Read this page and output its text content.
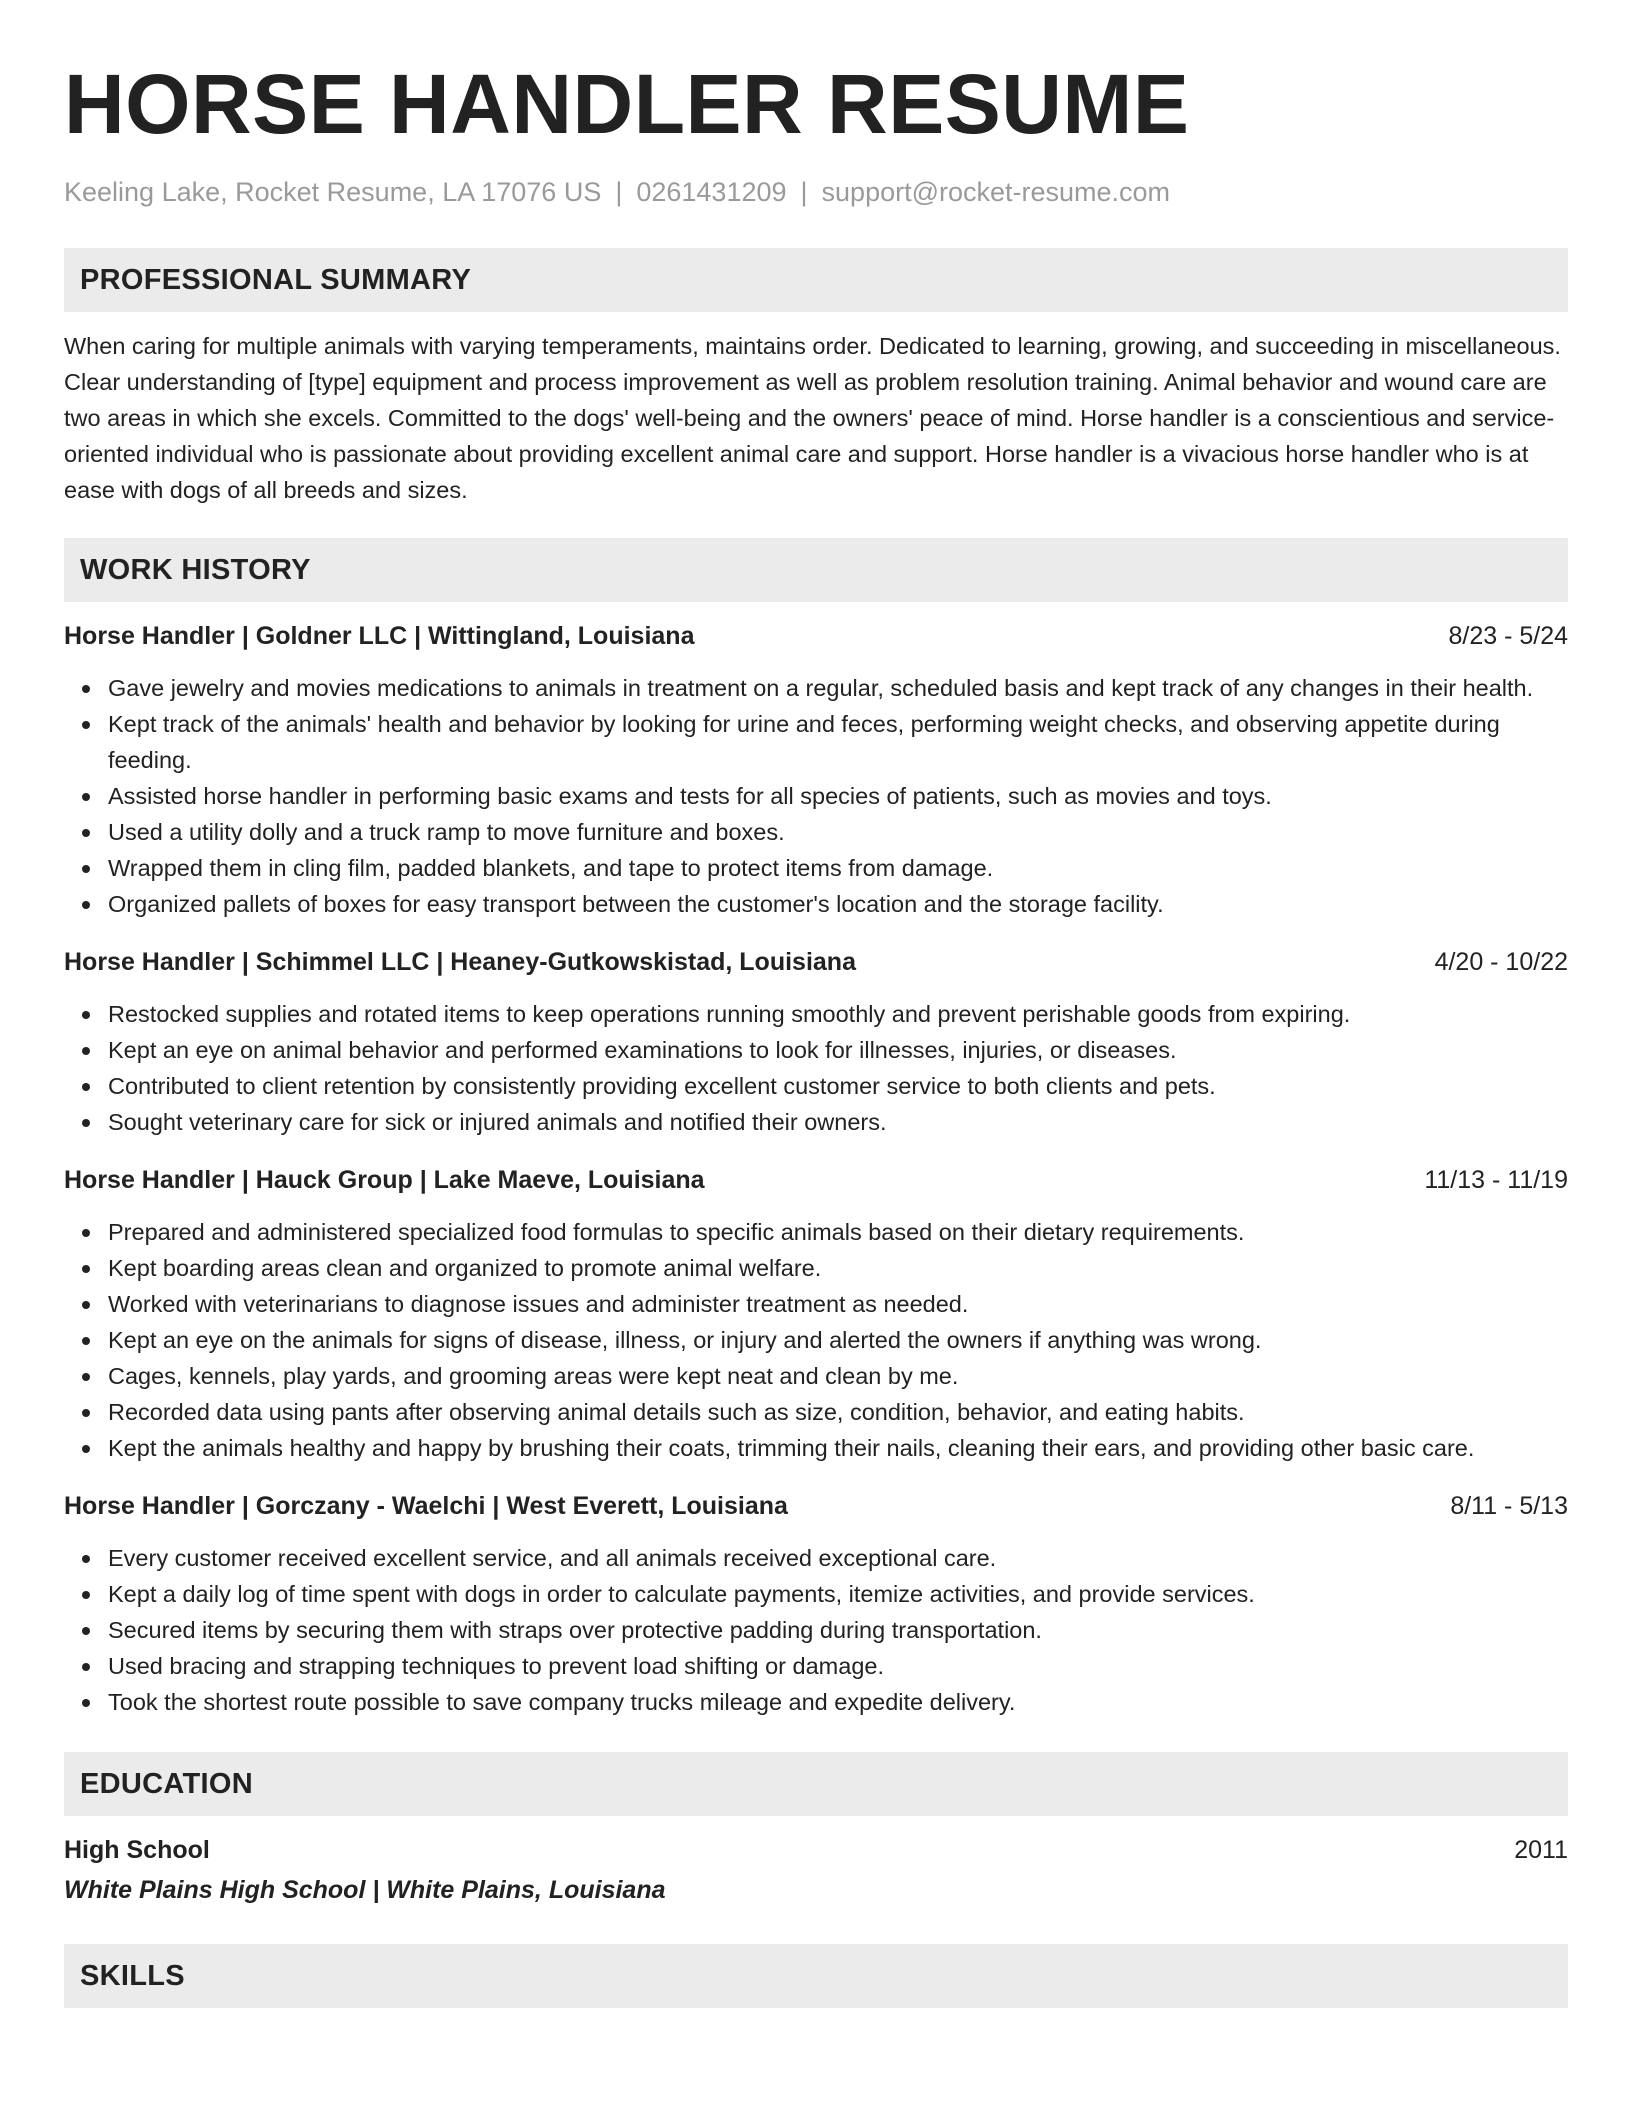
HORSE HANDLER RESUME
Keeling Lake, Rocket Resume, LA 17076 US | 0261431209 | support@rocket-resume.com
PROFESSIONAL SUMMARY

When caring for multiple animals with varying temperaments, maintains order. Dedicated to learning, growing, and succeeding in miscellaneous. Clear understanding of [type] equipment and process improvement as well as problem resolution training. Animal behavior and wound care are two areas in which she excels. Committed to the dogs' well-being and the owners' peace of mind. Horse handler is a conscientious and service-oriented individual who is passionate about providing excellent animal care and support. Horse handler is a vivacious horse handler who is at ease with dogs of all breeds and sizes.

WORK HISTORY
Horse Handler | Goldner LLC | Wittingland, Louisiana	8/23 - 5/24
Gave jewelry and movies medications to animals in treatment on a regular, scheduled basis and kept track of any changes in their health.
Kept track of the animals' health and behavior by looking for urine and feces, performing weight checks, and observing appetite during feeding.
Assisted horse handler in performing basic exams and tests for all species of patients, such as movies and toys.
Used a utility dolly and a truck ramp to move furniture and boxes.
Wrapped them in cling film, padded blankets, and tape to protect items from damage.
Organized pallets of boxes for easy transport between the customer's location and the storage facility.
Horse Handler | Schimmel LLC | Heaney-Gutkowskistad, Louisiana	4/20 - 10/22
Restocked supplies and rotated items to keep operations running smoothly and prevent perishable goods from expiring.
Kept an eye on animal behavior and performed examinations to look for illnesses, injuries, or diseases.
Contributed to client retention by consistently providing excellent customer service to both clients and pets.
Sought veterinary care for sick or injured animals and notified their owners.
Horse Handler | Hauck Group | Lake Maeve, Louisiana	11/13 - 11/19
Prepared and administered specialized food formulas to specific animals based on their dietary requirements.
Kept boarding areas clean and organized to promote animal welfare.
Worked with veterinarians to diagnose issues and administer treatment as needed.
Kept an eye on the animals for signs of disease, illness, or injury and alerted the owners if anything was wrong.
Cages, kennels, play yards, and grooming areas were kept neat and clean by me.
Recorded data using pants after observing animal details such as size, condition, behavior, and eating habits.
Kept the animals healthy and happy by brushing their coats, trimming their nails, cleaning their ears, and providing other basic care.
Horse Handler | Gorczany - Waelchi | West Everett, Louisiana	8/11 - 5/13
Every customer received excellent service, and all animals received exceptional care.
Kept a daily log of time spent with dogs in order to calculate payments, itemize activities, and provide services.
Secured items by securing them with straps over protective padding during transportation.
Used bracing and strapping techniques to prevent load shifting or damage.
Took the shortest route possible to save company trucks mileage and expedite delivery.
EDUCATION
High School	2011
White Plains High School | White Plains, Louisiana
SKILLS
